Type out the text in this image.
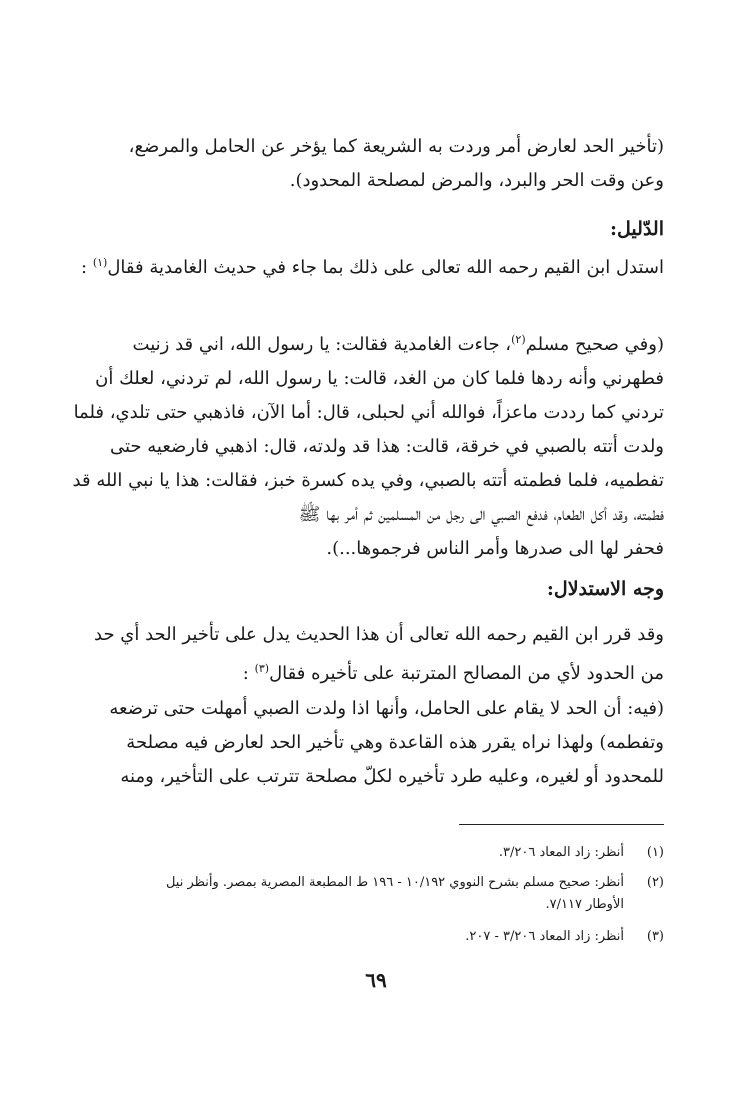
(تأخير الحد لعارض أمر وردت به الشريعة كما يؤخر عن الحامل والمرضع،
وعن وقت الحر والبرد، والمرض لمصلحة المحدود).
الدّليل:
استدل ابن القيم رحمه الله تعالى على ذلك بما جاء في حديث الغامدية فقال$^{(١)}$ :
(وفي صحيح مسلم$^{(٢)}$، جاءت الغامدية فقالت: يا رسول الله، اني قد زنيت
فطهرني وأنه ردها فلما كان من الغد، قالت: يا رسول الله، لم تردني، لعلك أن
تردني كما رددت ماعزاً، فوالله أني لحبلى، قال: أما الآن، فاذهبي حتى تلدي، فلما
ولدت أتته بالصبي في خرقة، قالت: هذا قد ولدته، قال: اذهبي فارضعيه حتى
تفطميه، فلما فطمته أتته بالصبي، وفي يده كسرة خبز، فقالت: هذا يا نبي الله قد
فطمته، وقد أكل الطعام، فدفع الصبي الى رجل من المسلمين ثم أمر بها ﷺ
فحفر لها الى صدرها وأمر الناس فرجموها...).
وجه الاستدلال:
وقد قرر ابن القيم رحمه الله تعالى أن هذا الحديث يدل على تأخير الحد أي حد
من الحدود لأي من المصالح المترتبة على تأخيره فقال$^{(٣)}$ :
(فيه: أن الحد لا يقام على الحامل، وأنها اذا ولدت الصبي أمهلت حتى ترضعه
وتفطمه) ولهذا نراه يقرر هذه القاعدة وهي تأخير الحد لعارض فيه مصلحة
للمحدود أو لغيره، وعليه طرد تأخيره لكلّ مصلحة تترتب على التأخير، ومنه
(١)أنظر: زاد المعاد ٣/٢٠٦.
(٢)أنظر: صحيح مسلم بشرح النووي ١٠/١٩٢ - ١٩٦ ط المطبعة المصرية بمصر. وأنظر نيل
الأوطار ٧/١١٧.
(٣)أنظر: زاد المعاد ٣/٢٠٦ - ٢٠٧.
٦٩
